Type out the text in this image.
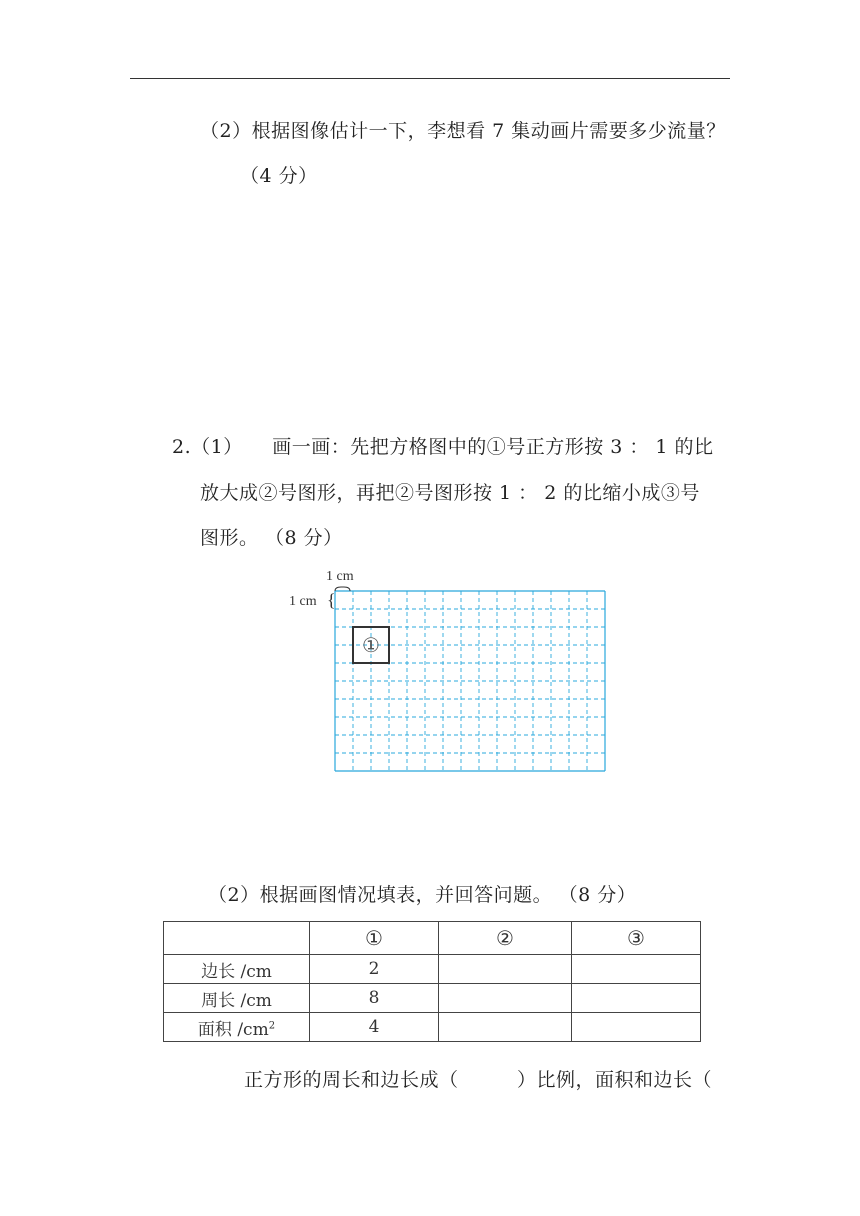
（2）根据图像估计一下，李想看 7 集动画片需要多少流量？
（4 分）
2.（1）　　画一画：先把方格图中的①号正方形按 3 ： 1 的比
放大成②号图形，再把②号图形按 1 ： 2 的比缩小成③号
图形。 （8 分）
1 cm
1 cm {
①
（2）根据画图情况填表，并回答问题。 （8 分）
	①	②	③
边长 /cm	2		
周长 /cm	8		
面积 $/cm^2$	4		
正方形的周长和边长成（　　　）比例，面积和边长（
